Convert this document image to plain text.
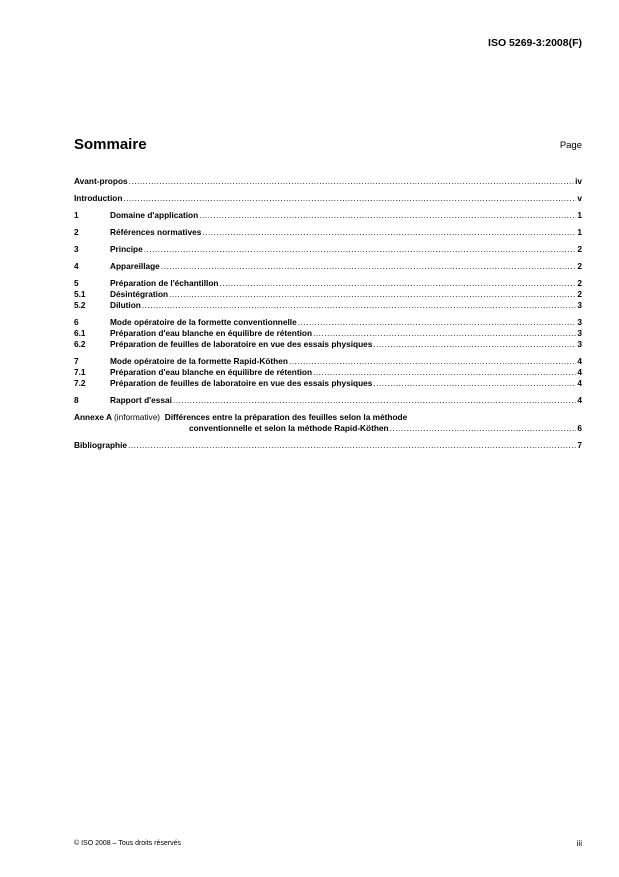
ISO 5269-3:2008(F)
Sommaire	Page
Avant-propos .....	iv
Introduction .....	v
1	Domaine d'application .....	1
2	Références normatives .....	1
3	Principe .....	2
4	Appareillage .....	2
5	Préparation de l'échantillon .....	2
5.1	Désintégration .....	2
5.2	Dilution .....	3
6	Mode opératoire de la formette conventionnelle .....	3
6.1	Préparation d'eau blanche en équilibre de rétention .....	3
6.2	Préparation de feuilles de laboratoire en vue des essais physiques .....	3
7	Mode opératoire de la formette Rapid-Köthen .....	4
7.1	Préparation d'eau blanche en équilibre de rétention .....	4
7.2	Préparation de feuilles de laboratoire en vue des essais physiques .....	4
8	Rapport d'essai .....	4
Annexe A (informative) Différences entre la préparation des feuilles selon la méthode
conventionnelle et selon la méthode Rapid-Köthen .....	6
Bibliographie .....	7
© ISO 2008 – Tous droits réservés	iii
